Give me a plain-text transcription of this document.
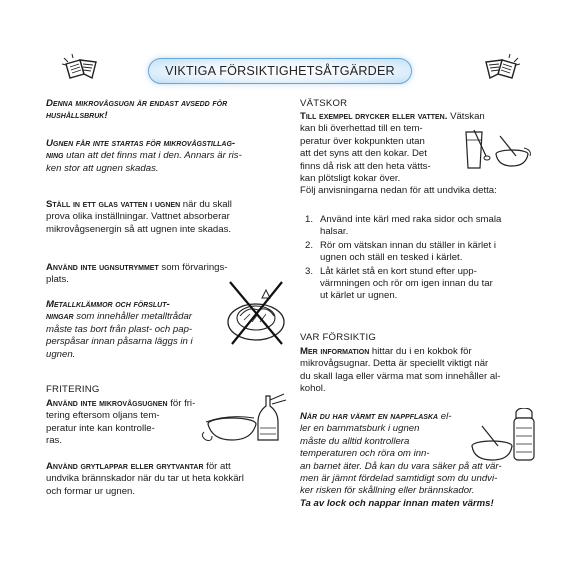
VIKTIGA FÖRSIKTIGHETSÅTGÄRDER
Denna mikrovågsugn är endast avsedd för
hushållsbruk!
Ugnen får inte startas för mikrovågstillag-
ning utan att det finns mat i den. Annars är ris-
ken stor att ugnen skadas.
Ställ in ett glas vatten i ugnen när du skall
prova olika inställningar. Vattnet absorberar
mikrovågsenergin så att ugnen inte skadas.
Använd inte ugnsutrymmet som förvarings-
plats.
Metallklämmor och förslut-
ningar som innehåller metalltrådar
måste tas bort från plast- och pap-
perspåsar innan påsarna läggs in i
ugnen.
FRITERING
Använd inte mikrovågsugnen för fri-
tering eftersom oljans tem-
peratur inte kan kontrolle-
ras.
Använd grytlappar eller grytvantar för att
undvika brännskador när du tar ut heta kokkärl
och formar ur ugnen.
VÄTSKOR
Till exempel drycker eller vatten. Vätskan
kan bli överhettad till en tem-
peratur över kokpunkten utan
att det syns att den kokar. Det
finns då risk att den heta vätts-
kan plötsligt kokar över.
Följ anvisningarna nedan för att undvika detta:
1. Använd inte kärl med raka sidor och smala
halsar.
2. Rör om vätskan innan du ställer in kärlet i
ugnen och ställ en tesked i kärlet.
3. Låt kärlet stå en kort stund efter upp-
värmningen och rör om igen innan du tar
ut kärlet ur ugnen.
VAR FÖRSIKTIG
Mer information hittar du i en kokbok för
mikrovågsugnar. Detta är speciellt viktigt när
du skall laga eller värma mat som innehåller al-
kohol.
När du har värmt en nappflaska el-
ler en barnmatsburk i ugnen
måste du alltid kontrollera
temperaturen och röra om inn-
an barnet äter. Då kan du vara säker på att vär-
men är jämnt fördelad samtidigt som du undvi-
ker risken för skållning eller brännskador.
Ta av lock och nappar innan maten värms!
